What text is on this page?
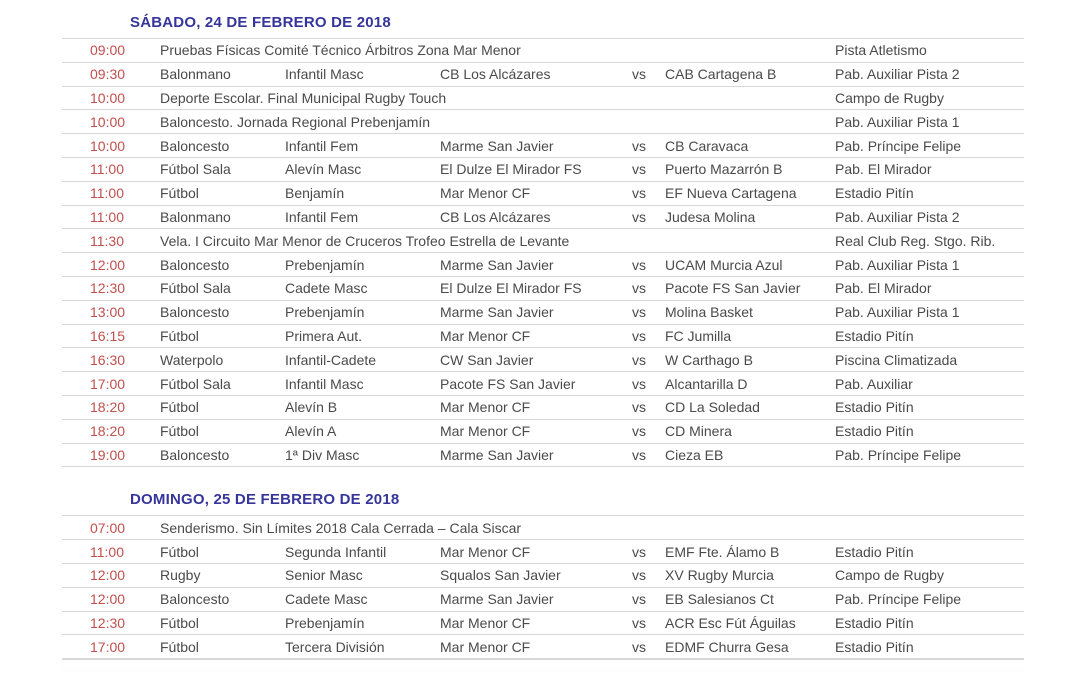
SÁBADO, 24 DE FEBRERO DE 2018
09:00	Pruebas Físicas Comité Técnico Árbitros Zona Mar Menor	Pista Atletismo
09:30	Balonmano	Infantil Masc	CB Los Alcázares	vs	CAB Cartagena B	Pab. Auxiliar Pista 2
10:00	Deporte Escolar. Final Municipal Rugby Touch	Campo de Rugby
10:00	Baloncesto. Jornada Regional Prebenjamín	Pab. Auxiliar Pista 1
10:00	Baloncesto	Infantil Fem	Marme San Javier	vs	CB Caravaca	Pab. Príncipe Felipe
11:00	Fútbol Sala	Alevín Masc	El Dulze El Mirador FS	vs	Puerto Mazarrón B	Pab. El Mirador
11:00	Fútbol	Benjamín	Mar Menor CF	vs	EF Nueva Cartagena	Estadio Pitín
11:00	Balonmano	Infantil Fem	CB Los Alcázares	vs	Judesa Molina	Pab. Auxiliar Pista 2
11:30	Vela. I Circuito Mar Menor de Cruceros Trofeo Estrella de Levante	Real Club Reg. Stgo. Rib.
12:00	Baloncesto	Prebenjamín	Marme San Javier	vs	UCAM Murcia Azul	Pab. Auxiliar Pista 1
12:30	Fútbol Sala	Cadete Masc	El Dulze El Mirador FS	vs	Pacote FS San Javier	Pab. El Mirador
13:00	Baloncesto	Prebenjamín	Marme San Javier	vs	Molina Basket	Pab. Auxiliar Pista 1
16:15	Fútbol	Primera Aut.	Mar Menor CF	vs	FC Jumilla	Estadio Pitín
16:30	Waterpolo	Infantil-Cadete	CW San Javier	vs	W Carthago B	Piscina Climatizada
17:00	Fútbol Sala	Infantil Masc	Pacote FS San Javier	vs	Alcantarilla D	Pab. Auxiliar
18:20	Fútbol	Alevín B	Mar Menor CF	vs	CD La Soledad	Estadio Pitín
18:20	Fútbol	Alevín A	Mar Menor CF	vs	CD Minera	Estadio Pitín
19:00	Baloncesto	1ª Div Masc	Marme San Javier	vs	Cieza EB	Pab. Príncipe Felipe
DOMINGO, 25 DE FEBRERO DE 2018
07:00	Senderismo. Sin Límites 2018 Cala Cerrada – Cala Siscar
11:00	Fútbol	Segunda Infantil	Mar Menor CF	vs	EMF Fte. Álamo B	Estadio Pitín
12:00	Rugby	Senior Masc	Squalos San Javier	vs	XV Rugby Murcia	Campo de Rugby
12:00	Baloncesto	Cadete Masc	Marme San Javier	vs	EB Salesianos Ct	Pab. Príncipe Felipe
12:30	Fútbol	Prebenjamín	Mar Menor CF	vs	ACR Esc Fút Águilas	Estadio Pitín
17:00	Fútbol	Tercera División	Mar Menor CF	vs	EDMF Churra Gesa	Estadio Pitín
